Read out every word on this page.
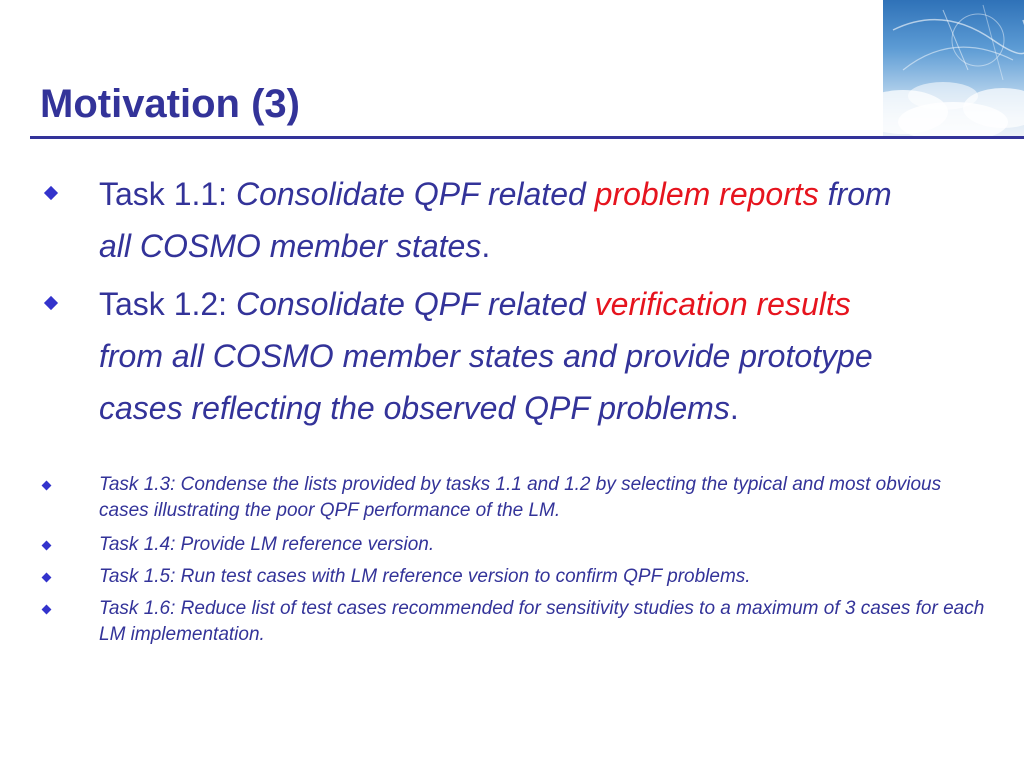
Motivation (3)

Task 1.1: Consolidate QPF related problem reports from all COSMO member states.

Task 1.2: Consolidate QPF related verification results from all COSMO member states and provide prototype cases reflecting the observed QPF problems.

Task 1.3: Condense the lists provided by tasks 1.1 and 1.2 by selecting the typical and most obvious cases illustrating the poor QPF performance of the LM.

Task 1.4: Provide LM reference version.

Task 1.5: Run test cases with LM reference version to confirm QPF problems.

Task 1.6: Reduce list of test cases recommended for sensitivity studies to a maximum of 3 cases for each LM implementation.
